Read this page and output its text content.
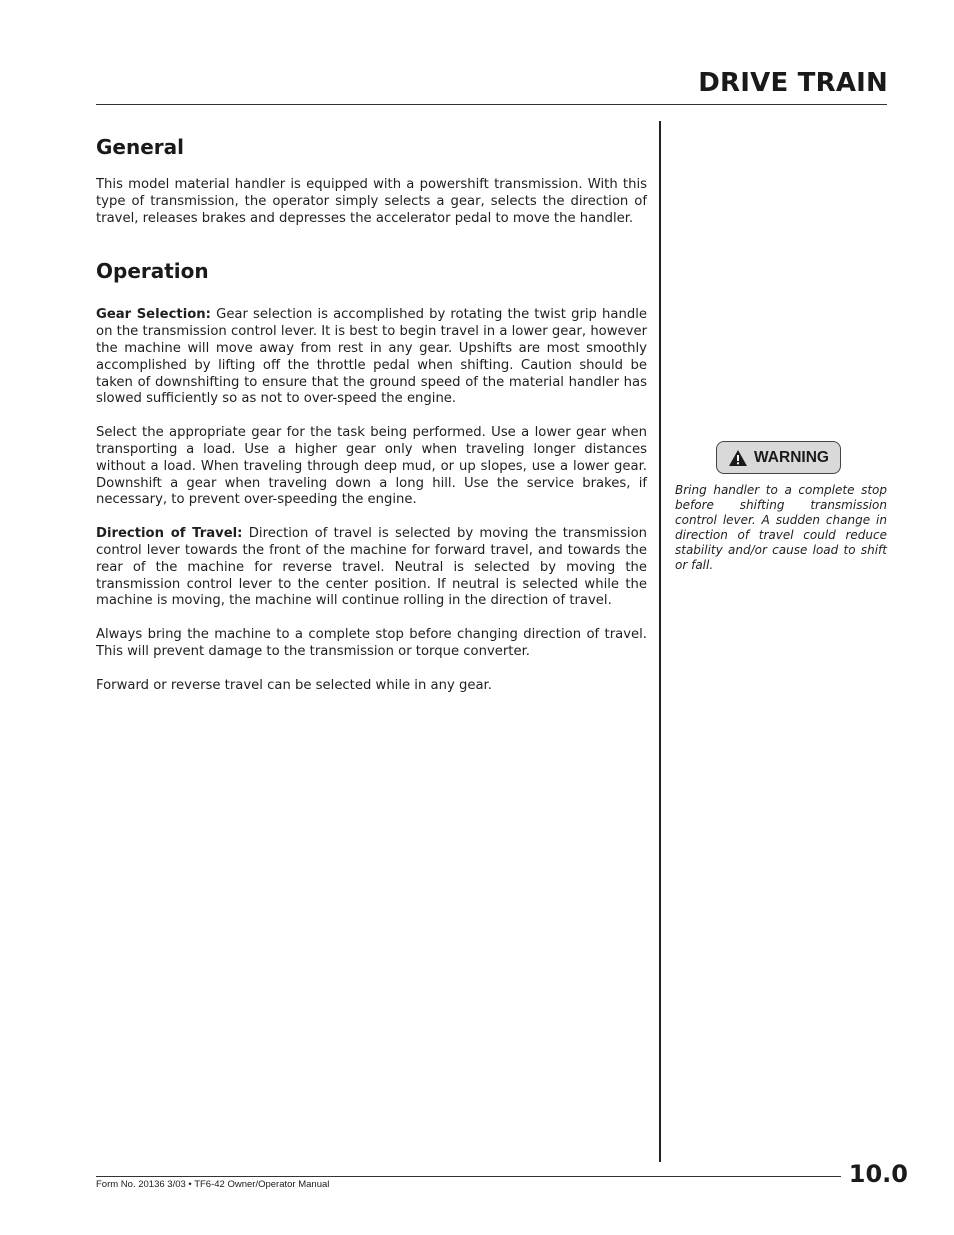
DRIVE TRAIN
General

This model material handler is equipped with a powershift transmission. With this type of transmission, the operator simply selects a gear, selects the direction of travel, releases brakes and depresses the accelerator pedal to move the handler.

Operation

Gear Selection: Gear selection is accomplished by rotating the twist grip handle on the transmission control lever. It is best to begin travel in a lower gear, however the machine will move away from rest in any gear. Upshifts are most smoothly accomplished by lifting off the throttle pedal when shifting. Caution should be taken of downshifting to ensure that the ground speed of the material handler has slowed sufficiently so as not to over-speed the engine.

Select the appropriate gear for the task being performed. Use a lower gear when transporting a load. Use a higher gear only when traveling longer distances without a load. When traveling through deep mud, or up slopes, use a lower gear. Downshift a gear when traveling down a long hill. Use the service brakes, if necessary, to prevent over-speeding the engine.

Direction of Travel: Direction of travel is selected by moving the transmission control lever towards the front of the machine for forward travel, and towards the rear of the machine for reverse travel. Neutral is selected by moving the transmission control lever to the center position. If neutral is selected while the machine is moving, the machine will continue rolling in the direction of travel.

Always bring the machine to a complete stop before changing direction of travel. This will prevent damage to the transmission or torque converter.

Forward or reverse travel can be selected while in any gear.

WARNING

Bring handler to a complete stop before shifting transmission control lever. A sudden change in direction of travel could reduce stability and/or cause load to shift or fall.

Form No. 20136 3/03 • TF6-42 Owner/Operator Manual	10.0
